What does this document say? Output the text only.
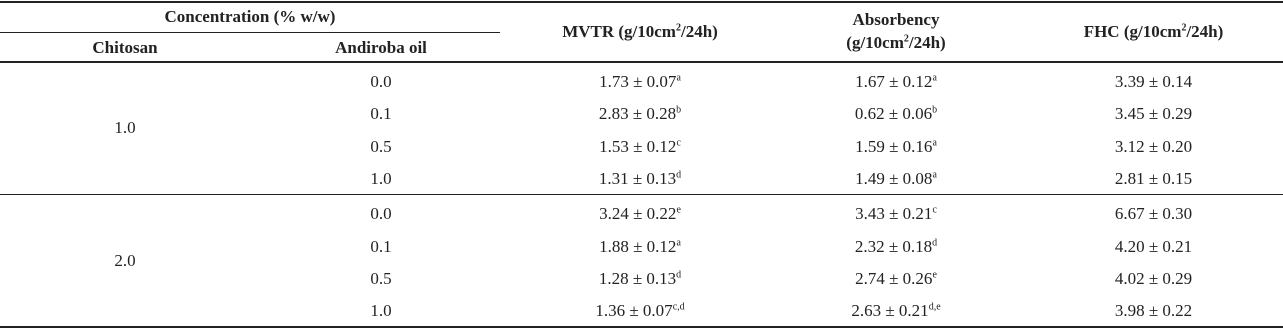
Concentration (% w/w)
Chitosan	Andiroba oil
MVTR $(g/10cm^2/24h)$
Absorbency
$(g/10cm^2/24h)$
FHC $(g/10cm^2/24h)$
1.0
0.0	1.73 ± 0.07$^a$	1.67 ± 0.12$^a$	3.39 ± 0.14
0.1	2.83 ± 0.28$^b$	0.62 ± 0.06$^b$	3.45 ± 0.29
0.5	1.53 ± 0.12$^c$	1.59 ± 0.16$^a$	3.12 ± 0.20
1.0	1.31 ± 0.13$^d$	1.49 ± 0.08$^a$	2.81 ± 0.15
2.0
0.0	3.24 ± 0.22$^e$	3.43 ± 0.21$^c$	6.67 ± 0.30
0.1	1.88 ± 0.12$^a$	2.32 ± 0.18$^d$	4.20 ± 0.21
0.5	1.28 ± 0.13$^d$	2.74 ± 0.26$^e$	4.02 ± 0.29
1.0	$1.36 \pm 0.07^{c,d}$	$2.63 \pm 0.21^{d,e}$	3.98 ± 0.22
